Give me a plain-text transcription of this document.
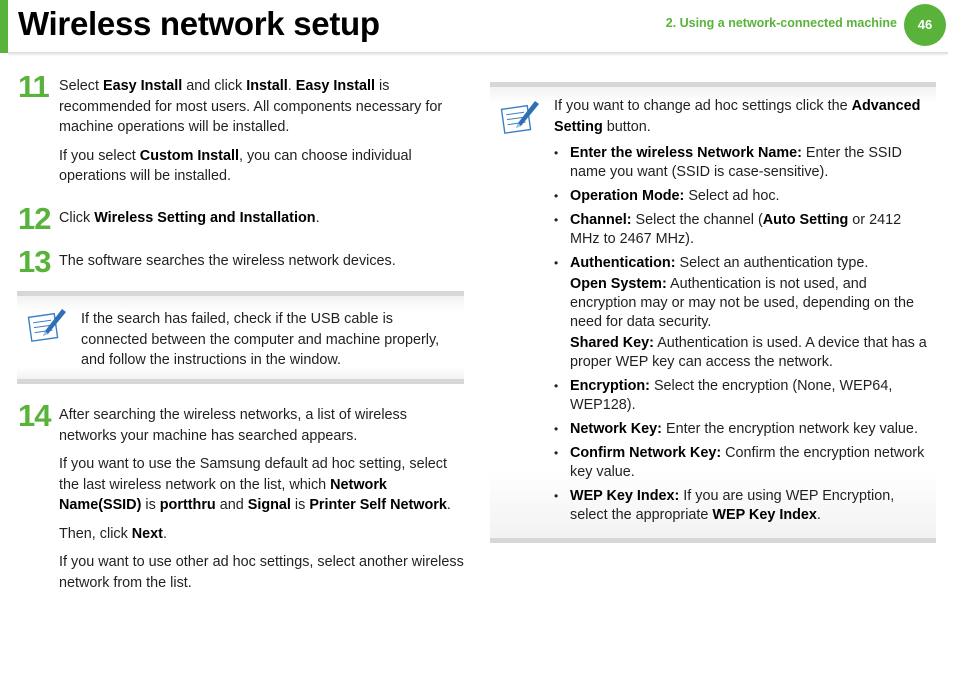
Wireless network setup	2. Using a network-connected machine	46
11 Select Easy Install and click Install. Easy Install is recommended for most users. All components necessary for machine operations will be installed.

If you select Custom Install, you can choose individual operations will be installed.

12 Click Wireless Setting and Installation.

13 The software searches the wireless network devices.

If the search has failed, check if the USB cable is connected between the computer and machine properly, and follow the instructions in the window.

14 After searching the wireless networks, a list of wireless networks your machine has searched appears.

If you want to use the Samsung default ad hoc setting, select the last wireless network on the list, which Network Name(SSID) is portthru and Signal is Printer Self Network.

Then, click Next.

If you want to use other ad hoc settings, select another wireless network from the list.

If you want to change ad hoc settings click the Advanced Setting button.

• Enter the wireless Network Name: Enter the SSID name you want (SSID is case-sensitive).
• Operation Mode: Select ad hoc.
• Channel: Select the channel (Auto Setting or 2412 MHz to 2467 MHz).
• Authentication: Select an authentication type.
Open System: Authentication is not used, and encryption may or may not be used, depending on the need for data security.
Shared Key: Authentication is used. A device that has a proper WEP key can access the network.
• Encryption: Select the encryption (None, WEP64, WEP128).
• Network Key: Enter the encryption network key value.
• Confirm Network Key: Confirm the encryption network key value.
• WEP Key Index: If you are using WEP Encryption, select the appropriate WEP Key Index.
